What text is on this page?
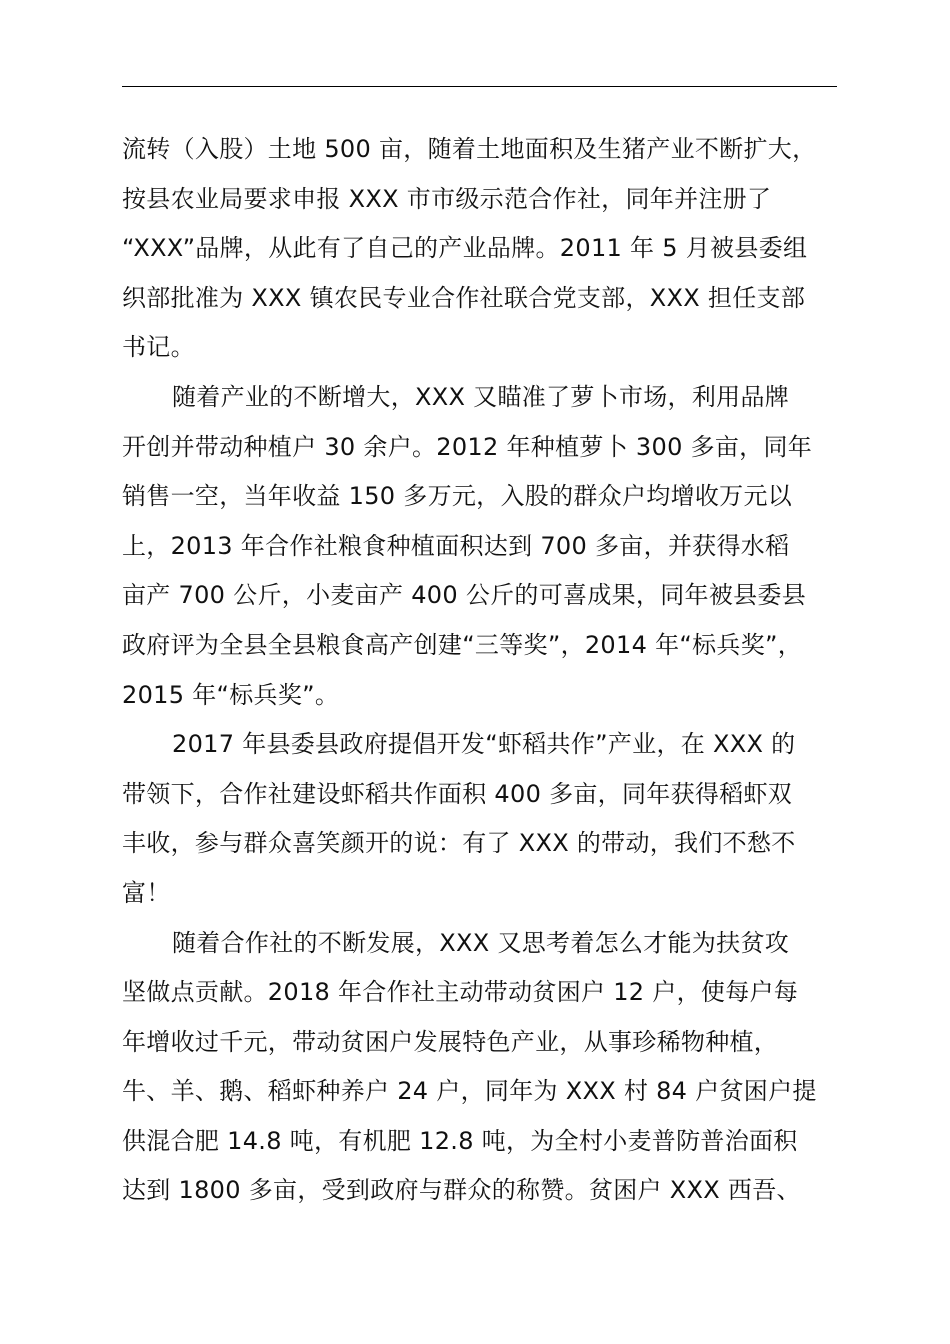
流转（入股）土地 500 亩，随着土地面积及生猪产业不断扩大，
按县农业局要求申报 XXX 市市级示范合作社，同年并注册了
“XXX”品牌，从此有了自己的产业品牌。2011 年 5 月被县委组
织部批准为 XXX 镇农民专业合作社联合党支部，XXX 担任支部
书记。
随着产业的不断增大，XXX 又瞄准了萝卜市场，利用品牌
开创并带动种植户 30 余户。2012 年种植萝卜 300 多亩，同年
销售一空，当年收益 150 多万元，入股的群众户均增收万元以
上，2013 年合作社粮食种植面积达到 700 多亩，并获得水稻
亩产 700 公斤，小麦亩产 400 公斤的可喜成果，同年被县委县
政府评为全县全县粮食高产创建“三等奖”，2014 年“标兵奖”，
2015 年“标兵奖”。
2017 年县委县政府提倡开发“虾稻共作”产业，在 XXX 的
带领下，合作社建设虾稻共作面积 400 多亩，同年获得稻虾双
丰收，参与群众喜笑颜开的说：有了 XXX 的带动，我们不愁不
富！
随着合作社的不断发展，XXX 又思考着怎么才能为扶贫攻
坚做点贡献。2018 年合作社主动带动贫困户 12 户，使每户每
年增收过千元，带动贫困户发展特色产业，从事珍稀物种植，
牛、羊、鹅、稻虾种养户 24 户，同年为 XXX 村 84 户贫困户提
供混合肥 14.8 吨，有机肥 12.8 吨，为全村小麦普防普治面积
达到 1800 多亩，受到政府与群众的称赞。贫困户 XXX 西吾、
